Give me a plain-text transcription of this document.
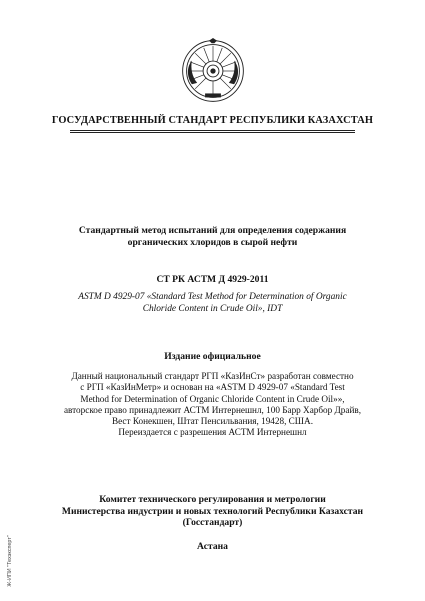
ГОСУДАРСТВЕННЫЙ СТАНДАРТ РЕСПУБЛИКИ КАЗАХСТАН
Стандартный метод испытаний для определения содержания
органических хлоридов в сырой нефти
СТ РК АСТМ Д 4929-2011
ASTM D 4929-07 «Standard Test Method for Determination of Organic
Chloride Content in Crude Oil», IDT
Издание официальное
Данный национальный стандарт РГП «КазИнСт» разработан совместно
с РГП «КазИнМетр» и основан на «ASTM D 4929-07 «Standard Test
Method for Determination of Organic Chloride Content in Crude Oil»»,
авторское право принадлежит АСТМ Интернешнл, 100 Барр Харбор Драйв,
Вест Конекшен, Штат Пенсильвания, 19428, США.
Переиздается с разрешения АСТМ Интернешнл
Комитет технического регулирования и метрологии
Министерства индустрии и новых технологий Республики Казахстан
(Госстандарт)
Астана
Ж-ИПИ "Техэксперт"
